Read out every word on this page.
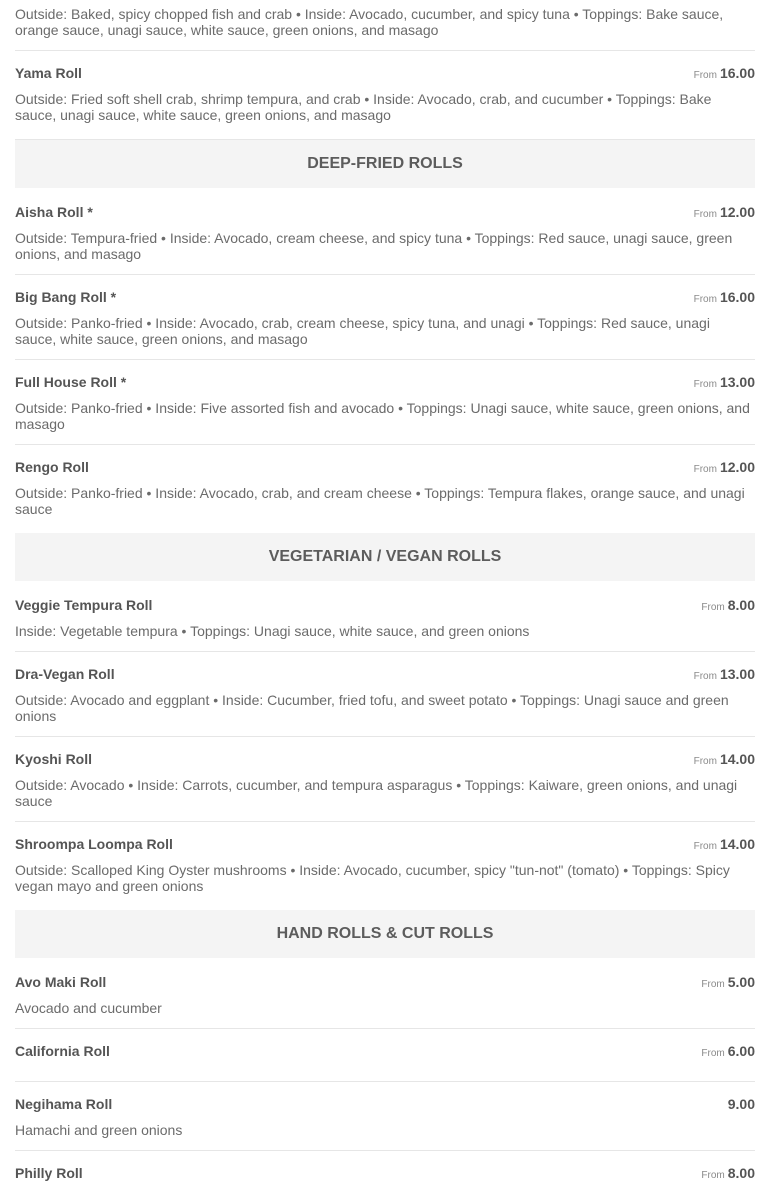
Outside: Baked, spicy chopped fish and crab • Inside: Avocado, cucumber, and spicy tuna • Toppings: Bake sauce, orange sauce, unagi sauce, white sauce, green onions, and masago
Yama Roll	From 16.00
Outside: Fried soft shell crab, shrimp tempura, and crab • Inside: Avocado, crab, and cucumber • Toppings: Bake sauce, unagi sauce, white sauce, green onions, and masago
DEEP-FRIED ROLLS
Aisha Roll *	From 12.00
Outside: Tempura-fried • Inside: Avocado, cream cheese, and spicy tuna • Toppings: Red sauce, unagi sauce, green onions, and masago
Big Bang Roll *	From 16.00
Outside: Panko-fried • Inside: Avocado, crab, cream cheese, spicy tuna, and unagi • Toppings: Red sauce, unagi sauce, white sauce, green onions, and masago
Full House Roll *	From 13.00
Outside: Panko-fried • Inside: Five assorted fish and avocado • Toppings: Unagi sauce, white sauce, green onions, and masago
Rengo Roll	From 12.00
Outside: Panko-fried • Inside: Avocado, crab, and cream cheese • Toppings: Tempura flakes, orange sauce, and unagi sauce
VEGETARIAN / VEGAN ROLLS
Veggie Tempura Roll	From 8.00
Inside: Vegetable tempura • Toppings: Unagi sauce, white sauce, and green onions
Dra-Vegan Roll	From 13.00
Outside: Avocado and eggplant • Inside: Cucumber, fried tofu, and sweet potato • Toppings: Unagi sauce and green onions
Kyoshi Roll	From 14.00
Outside: Avocado • Inside: Carrots, cucumber, and tempura asparagus • Toppings: Kaiware, green onions, and unagi sauce
Shroompa Loompa Roll	From 14.00
Outside: Scalloped King Oyster mushrooms • Inside: Avocado, cucumber, spicy "tun-not" (tomato) • Toppings: Spicy vegan mayo and green onions
HAND ROLLS & CUT ROLLS
Avo Maki Roll	From 5.00
Avocado and cucumber
California Roll	From 6.00
Negihama Roll	9.00
Hamachi and green onions
Philly Roll	From 8.00
